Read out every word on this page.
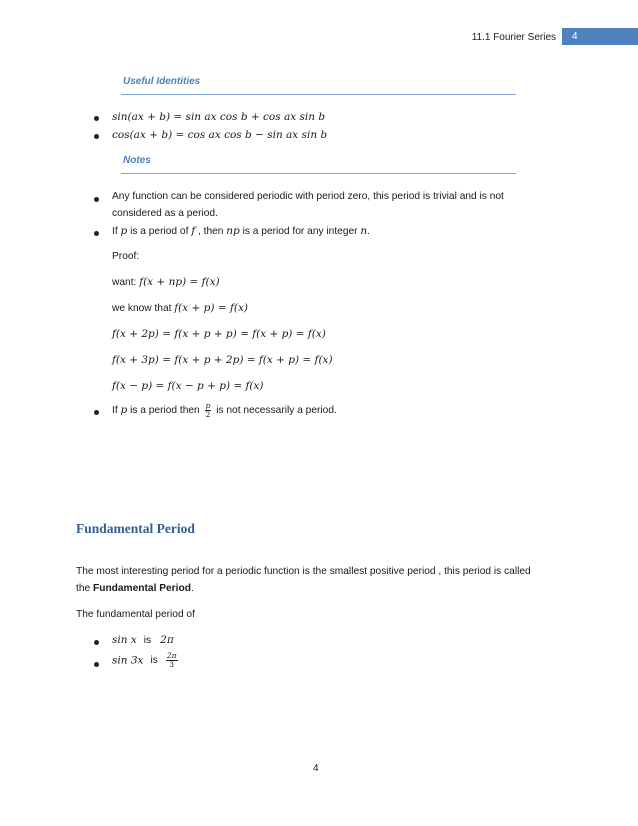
11.1 Fourier Series 4
Useful Identities
sin(ax + b) = sin ax cos b + cos ax sin b
cos(ax + b) = cos ax cos b − sin ax sin b
Notes
Any function can be considered periodic with period zero, this period is trivial and is not
considered as a period.
If p is a period of f , then np is a period for any integer n.
Proof:
want: f(x + np) = f(x)
we know that f(x + p) = f(x)
f(x + 2p) = f(x + p + p) = f(x + p) = f(x)
f(x + 3p) = f(x + p + 2p) = f(x + p) = f(x)
f(x − p) = f(x − p + p) = f(x)
If p is a period then $\frac{p}{2}$ is not necessarily a period.
Fundamental Period
The most interesting period for a periodic function is the smallest positive period , this period is called
the Fundamental Period.
The fundamental period of
sin x is 2π
sin 3x is $\frac{2\pi}{3}$
4
